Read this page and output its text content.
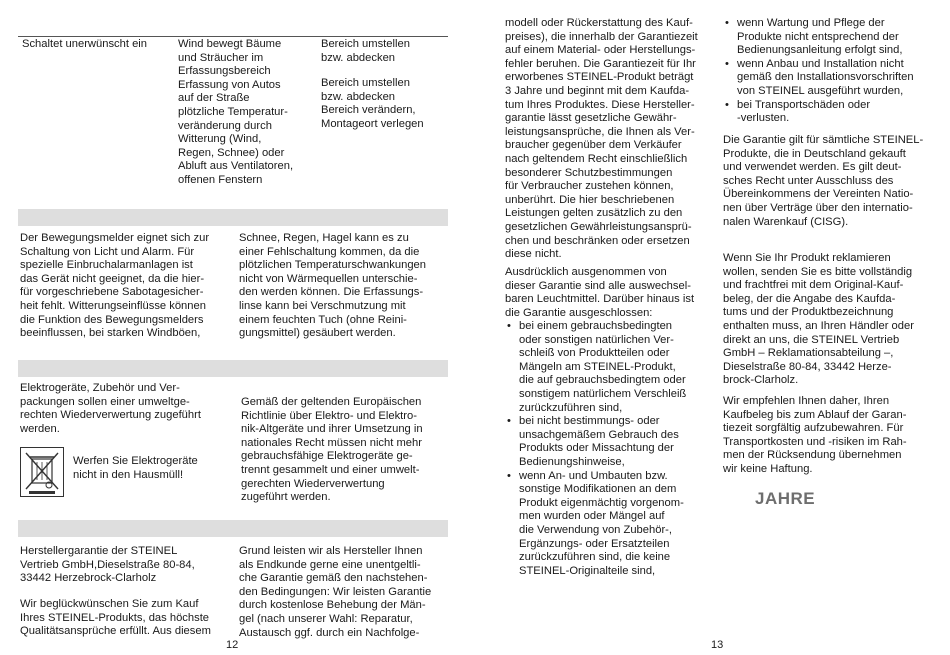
Schaltet unerwünscht ein	Wind bewegt Bäume
und Sträucher im
Erfassungsbereich
Erfassung von Autos
auf der Straße
plötzliche Temperatur-
veränderung durch
Witterung (Wind,
Regen, Schnee) oder
Abluft aus Ventilatoren,
offenen Fenstern
Bereich umstellen
bzw. abdecken
Bereich umstellen
bzw. abdecken
Bereich verändern,
Montageort verlegen
Der Bewegungsmelder eignet sich zur
Schaltung von Licht und Alarm. Für
spezielle Einbruchalarmanlagen ist
das Gerät nicht geeignet, da die hier-
für vorgeschriebene Sabotagesicher-
heit fehlt. Witterungseinflüsse können
die Funktion des Bewegungsmelders
beeinflussen, bei starken Windböen,
Schnee, Regen, Hagel kann es zu
einer Fehlschaltung kommen, da die
plötzlichen Temperaturschwankungen
nicht von Wärmequellen unterschie-
den werden können. Die Erfassungs-
linse kann bei Verschmutzung mit
einem feuchten Tuch (ohne Reini-
gungsmittel) gesäubert werden.
Elektrogeräte, Zubehör und Ver-
packungen sollen einer umweltge-
rechten Wiederverwertung zugeführt
werden.
Werfen Sie Elektrogeräte
nicht in den Hausmüll!
Gemäß der geltenden Europäischen
Richtlinie über Elektro- und Elektro-
nik-Altgeräte und ihrer Umsetzung in
nationales Recht müssen nicht mehr
gebrauchsfähige Elektrogeräte ge-
trennt gesammelt und einer umwelt-
gerechten Wiederverwertung
zugeführt werden.
Herstellergarantie der STEINEL
Vertrieb GmbH,Dieselstraße 80-84,
33442 Herzebrock-Clarholz
Wir beglückwünschen Sie zum Kauf
Ihres STEINEL-Produkts, das höchste
Qualitätsansprüche erfüllt. Aus diesem
Grund leisten wir als Hersteller Ihnen
als Endkunde gerne eine unentgeltli-
che Garantie gemäß den nachstehen-
den Bedingungen: Wir leisten Garantie
durch kostenlose Behebung der Män-
gel (nach unserer Wahl: Reparatur,
Austausch ggf. durch ein Nachfolge-
12
modell oder Rückerstattung des Kauf-
preises), die innerhalb der Garantiezeit
auf einem Material- oder Herstellungs-
fehler beruhen. Die Garantiezeit für Ihr
erworbenes STEINEL-Produkt beträgt
3 Jahre und beginnt mit dem Kaufda-
tum Ihres Produktes. Diese Hersteller-
garantie lässt gesetzliche Gewähr-
leistungsansprüche, die Ihnen als Ver-
braucher gegenüber dem Verkäufer
nach geltendem Recht einschließlich
besonderer Schutzbestimmungen
für Verbraucher zustehen können,
unberührt. Die hier beschriebenen
Leistungen gelten zusätzlich zu den
gesetzlichen Gewährleistungsansprü-
chen und beschränken oder ersetzen
diese nicht.
Ausdrücklich ausgenommen von
dieser Garantie sind alle auswechsel-
baren Leuchtmittel. Darüber hinaus ist
die Garantie ausgeschlossen:
• bei einem gebrauchsbedingten
oder sonstigen natürlichen Ver-
schleiß von Produktteilen oder
Mängeln am STEINEL-Produkt,
die auf gebrauchsbedingtem oder
sonstigem natürlichem Verschleiß
zurückzuführen sind,
• bei nicht bestimmungs- oder
unsachgemäßem Gebrauch des
Produkts oder Missachtung der
Bedienungshinweise,
• wenn An- und Umbauten bzw.
sonstige Modifikationen an dem
Produkt eigenmächtig vorgenom-
men wurden oder Mängel auf
die Verwendung von Zubehör-,
Ergänzungs- oder Ersatzteilen
zurückzuführen sind, die keine
STEINEL-Originalteile sind,
• wenn Wartung und Pflege der
Produkte nicht entsprechend der
Bedienungsanleitung erfolgt sind,
• wenn Anbau und Installation nicht
gemäß den Installationsvorschriften
von STEINEL ausgeführt wurden,
• bei Transportschäden oder
-verlusten.
Die Garantie gilt für sämtliche STEINEL-
Produkte, die in Deutschland gekauft
und verwendet werden. Es gilt deut-
sches Recht unter Ausschluss des
Übereinkommens der Vereinten Natio-
nen über Verträge über den internatio-
nalen Warenkauf (CISG).
Wenn Sie Ihr Produkt reklamieren
wollen, senden Sie es bitte vollständig
und frachtfrei mit dem Original-Kauf-
beleg, der die Angabe des Kaufda-
tums und der Produktbezeichnung
enthalten muss, an Ihren Händler oder
direkt an uns, die STEINEL Vertrieb
GmbH – Reklamationsabteilung –,
Dieselstraße 80-84, 33442 Herze-
brock-Clarholz.
Wir empfehlen Ihnen daher, Ihren
Kaufbeleg bis zum Ablauf der Garan-
tiezeit sorgfältig aufzubewahren. Für
Transportkosten und -risiken im Rah-
men der Rücksendung übernehmen
wir keine Haftung.
JAHRE
13
